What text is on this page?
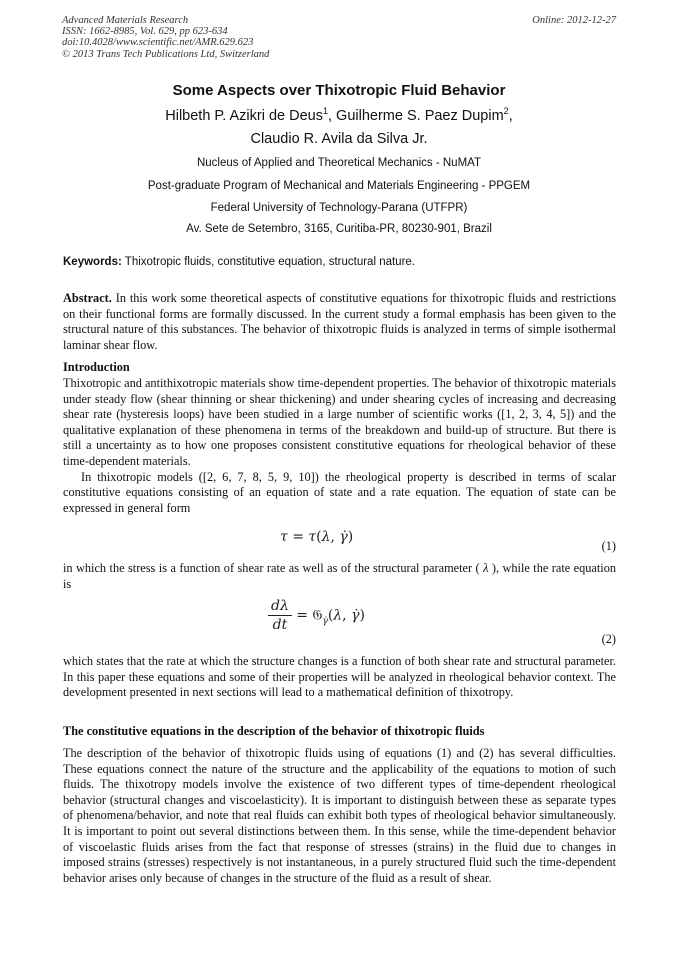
Advanced Materials Research
ISSN: 1662-8985, Vol. 629, pp 623-634
doi:10.4028/www.scientific.net/AMR.629.623
© 2013 Trans Tech Publications Ltd, Switzerland
Online: 2012-12-27
Some Aspects over Thixotropic Fluid Behavior
Hilbeth P. Azikri de Deus$^1$, Guilherme S. Paez Dupim$^2$,
Claudio R. Avila da Silva Jr.
Nucleus of Applied and Theoretical Mechanics - NuMAT
Post-graduate Program of Mechanical and Materials Engineering - PPGEM
Federal University of Technology-Parana (UTFPR)
Av. Sete de Setembro, 3165, Curitiba-PR, 80230-901, Brazil
Keywords: Thixotropic fluids, constitutive equation, structural nature.

Abstract. In this work some theoretical aspects of constitutive equations for thixotropic fluids and restrictions on their functional forms are formally discussed. In the current study a formal emphasis has been given to the structural nature of this substances. The behavior of thixotropic fluids is analyzed in terms of simple isothermal laminar shear flow.

Introduction

Thixotropic and antithixotropic materials show time-dependent properties. The behavior of thixotropic materials under steady flow (shear thinning or shear thickening) and under shearing cycles of increasing and decreasing shear rate (hysteresis loops) have been studied in a large number of scientific works ([1, 2, 3, 4, 5]) and the qualitative explanation of these phenomena in terms of the breakdown and build-up of structure. But there is still a uncertainty as to how one proposes consistent constitutive equations for rheological behavior of these time-dependent materials.

In thixotropic models ([2, 6, 7, 8, 5, 9, 10]) the rheological property is described in terms of scalar constitutive equations consisting of an equation of state and a rate equation. The equation of state can be expressed in general form

τ = τ(λ, γ̇)
(1)

in which the stress is a function of shear rate as well as of the structural parameter ( λ ), while the rate equation is

$\frac{d\lambda}{dt}$ = 𝔊$_{\gammȧ}$(λ, γ̇)
(2)

which states that the rate at which the structure changes is a function of both shear rate and structural parameter. In this paper these equations and some of their properties will be analyzed in rheological behavior context. The development presented in next sections will lead to a mathematical definition of thixotropy.

The constitutive equations in the description of the behavior of thixotropic fluids

The description of the behavior of thixotropic fluids using of equations (1) and (2) has several difficulties. These equations connect the nature of the structure and the applicability of the equations to motion of such fluids. The thixotropy models involve the existence of two different types of time-dependent rheological behavior (structural changes and viscoelasticity). It is important to distinguish between these as separate types of phenomena/behavior, and note that real fluids can exhibit both types of rheological behavior simultaneously. It is important to point out several distinctions between them. In this sense, while the time-dependent behavior of viscoelastic fluids arises from the fact that response of stresses (strains) in the fluid due to changes in imposed strains (stresses) respectively is not instantaneous, in a purely structured fluid such the time-dependent behavior arises only because of changes in the structure of the fluid as a result of shear.
